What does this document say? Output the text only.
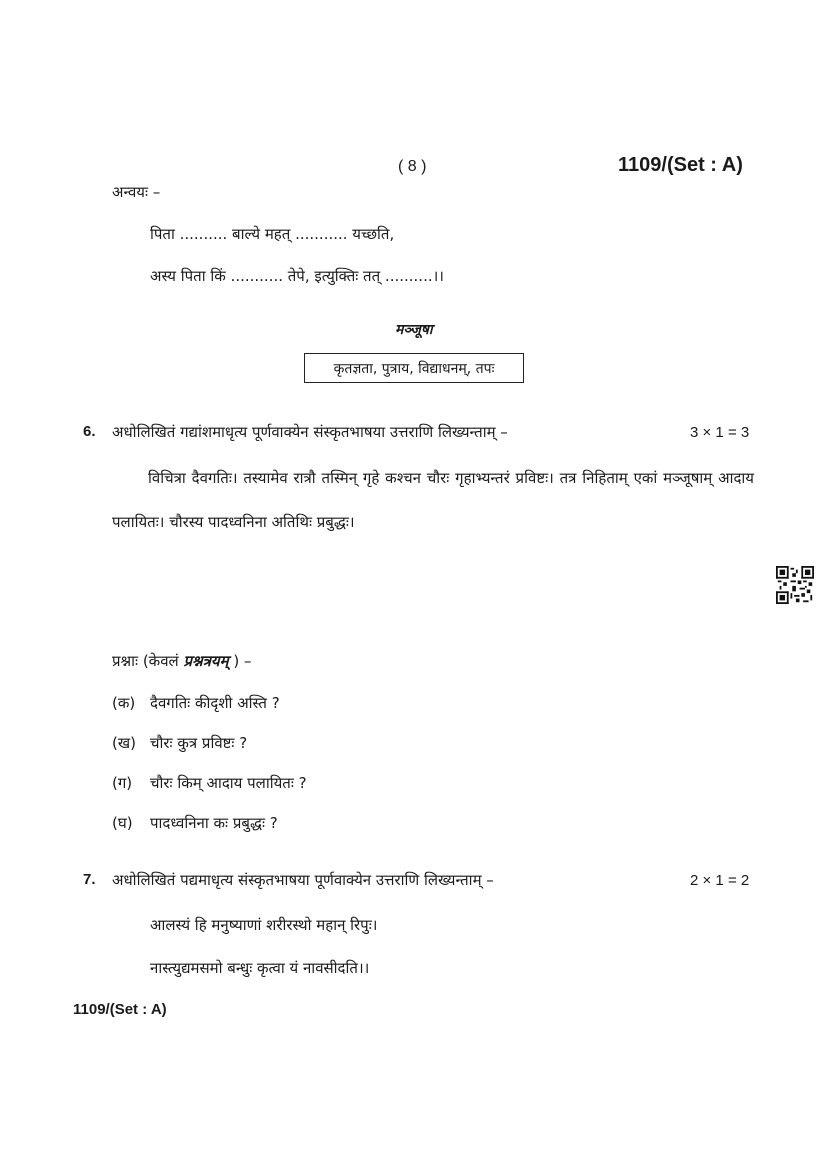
( 8 )	1109/(Set : A)
अन्वयः –
पिता .......... बाल्ये महत् ........... यच्छति,
अस्य पिता किं ........... तेपे, इत्युक्तिः तत् ..........।।
मञ्जूषा
कृतज्ञता, पुत्राय, विद्याधनम्, तपः
6. अधोलिखितं गद्यांशमाधृत्य पूर्णवाक्येन संस्कृतभाषया उत्तराणि लिख्यन्ताम् –	3 × 1 = 3
विचित्रा दैवगतिः। तस्यामेव रात्रौ तस्मिन् गृहे कश्चन चौरः गृहाभ्यन्तरं प्रविष्टः। तत्र निहिताम् एकां मञ्जूषाम् आदाय पलायितः। चौरस्य पादध्वनिना अतिथिः प्रबुद्धः।
प्रश्नाः (केवलं प्रश्नत्रयम् ) –
(क) दैवगतिः कीदृशी अस्ति ?
(ख) चौरः कुत्र प्रविष्टः ?
(ग) चौरः किम् आदाय पलायितः ?
(घ) पादध्वनिना कः प्रबुद्धः ?
7. अधोलिखितं पद्यमाधृत्य संस्कृतभाषया पूर्णवाक्येन उत्तराणि लिख्यन्ताम् –	2 × 1 = 2
आलस्यं हि मनुष्याणां शरीरस्थो महान् रिपुः।
नास्त्युद्यमसमो बन्धुः कृत्वा यं नावसीदति।।
1109/(Set : A)
